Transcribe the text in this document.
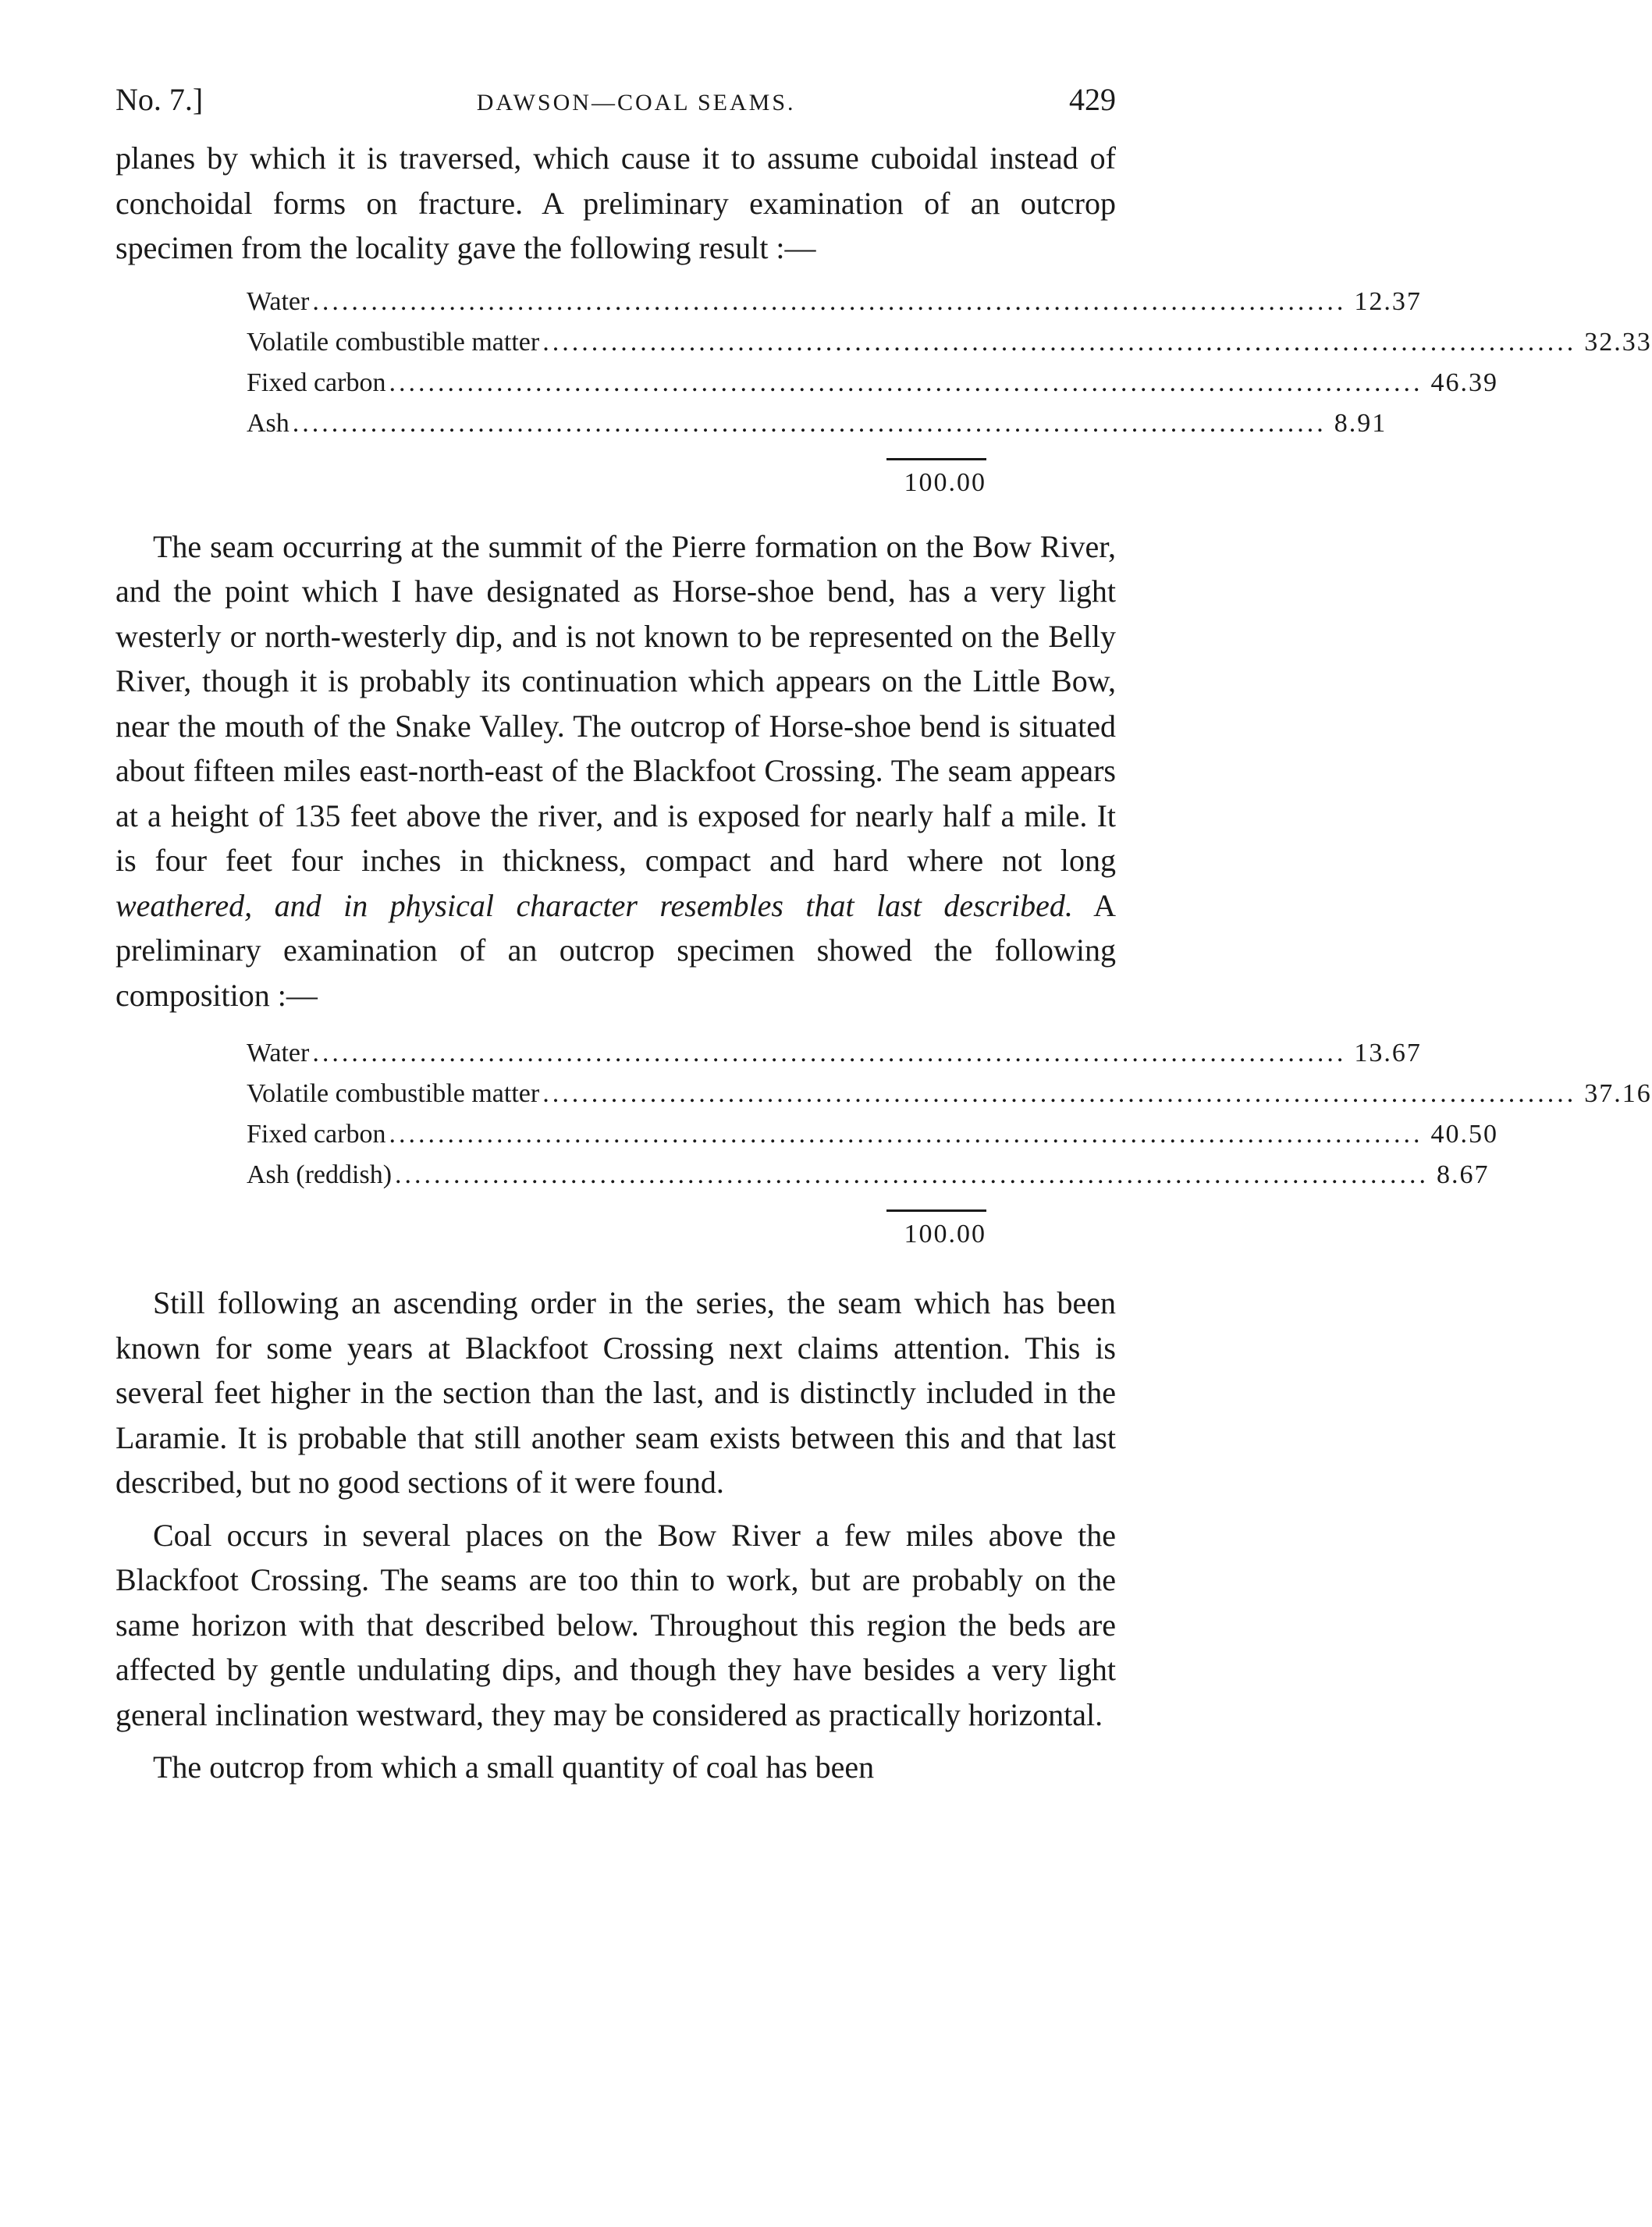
No. 7.]	DAWSON—COAL SEAMS.	429

planes by which it is traversed, which cause it to assume cuboidal instead of conchoidal forms on fracture. A preliminary examination of an outcrop specimen from the locality gave the following result :—

Water .......................................................................................................... 12.37
Volatile combustible matter .......................................................................................................... 32.33
Fixed carbon .......................................................................................................... 46.39
Ash .......................................................................................................... 8.91
100.00

The seam occurring at the summit of the Pierre formation on the Bow River, and the point which I have designated as Horse-shoe bend, has a very light westerly or north-westerly dip, and is not known to be represented on the Belly River, though it is probably its continuation which appears on the Little Bow, near the mouth of the Snake Valley. The outcrop of Horse-shoe bend is situated about fifteen miles east-north-east of the Blackfoot Crossing. The seam appears at a height of 135 feet above the river, and is exposed for nearly half a mile. It is four feet four inches in thickness, compact and hard where not long weathered, and in physical character resembles that last described. A preliminary examination of an outcrop specimen showed the following composition :—

Water .......................................................................................................... 13.67
Volatile combustible matter .......................................................................................................... 37.16
Fixed carbon .......................................................................................................... 40.50
Ash (reddish) .......................................................................................................... 8.67
100.00

Still following an ascending order in the series, the seam which has been known for some years at Blackfoot Crossing next claims attention. This is several feet higher in the section than the last, and is distinctly included in the Laramie. It is probable that still another seam exists between this and that last described, but no good sections of it were found.

Coal occurs in several places on the Bow River a few miles above the Blackfoot Crossing. The seams are too thin to work, but are probably on the same horizon with that described below. Throughout this region the beds are affected by gentle undulating dips, and though they have besides a very light general inclination westward, they may be considered as practically horizontal.

The outcrop from which a small quantity of coal has been
